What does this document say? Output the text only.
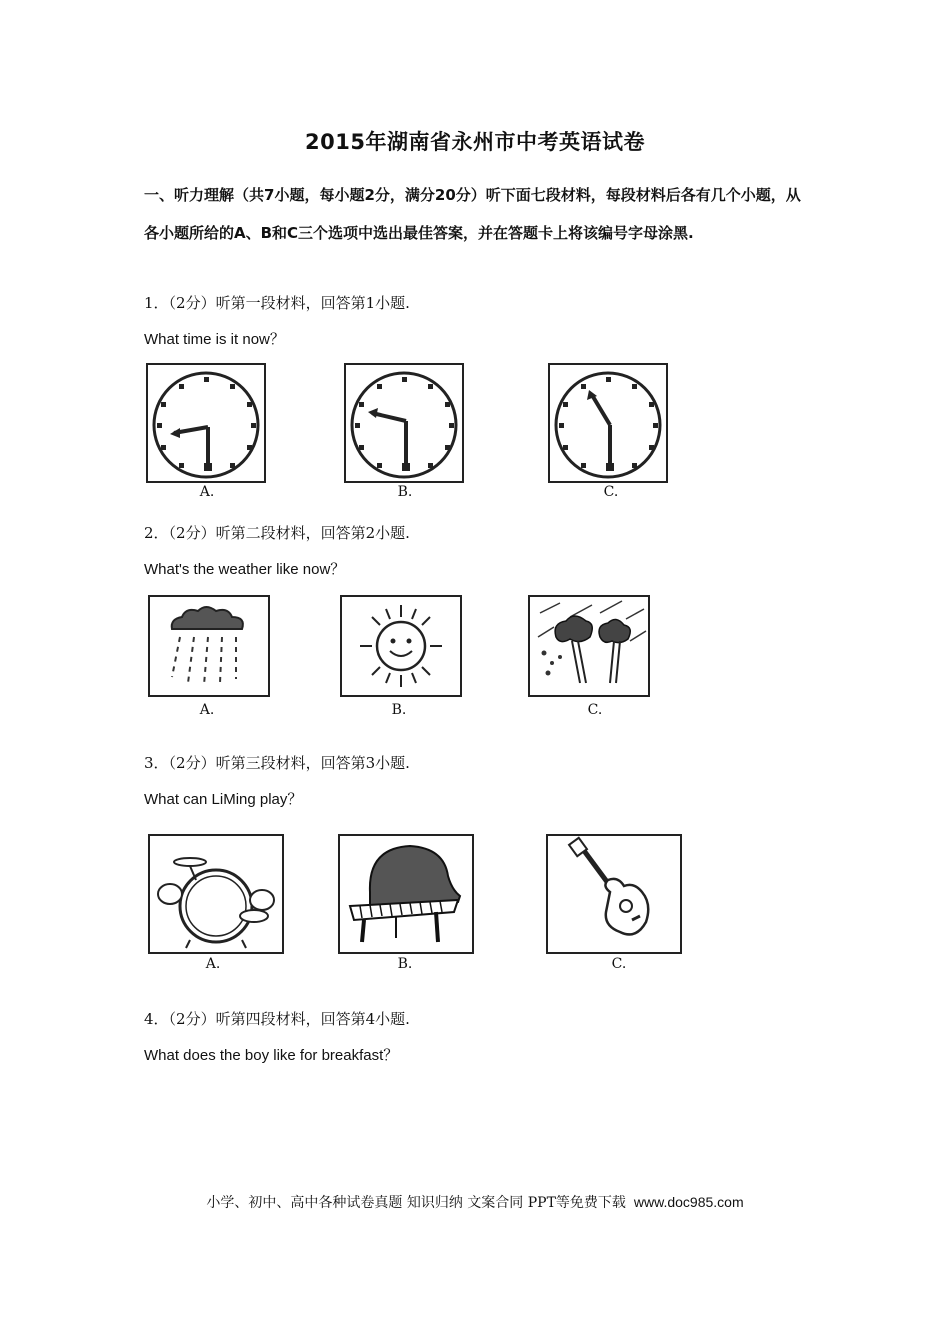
2015年湖南省永州市中考英语试卷
一、听力理解（共7小题，每小题2分，满分20分）听下面七段材料，每段材料后各有几个小题，从各小题所给的A、B和C三个选项中选出最佳答案，并在答题卡上将该编号字母涂黑.
1．（2分）听第一段材料，回答第1小题.
What time is it now？
A.	B.	C.
2．（2分）听第二段材料，回答第2小题.
What's the weather like now？
A.	B.	C.
3．（2分）听第三段材料，回答第3小题.
What can LiMing play？
A.	B.	C.
4．（2分）听第四段材料，回答第4小题.
What does the boy like for breakfast？
小学、初中、高中各种试卷真题 知识归纳 文案合同 PPT等免费下载 www.doc985.com
